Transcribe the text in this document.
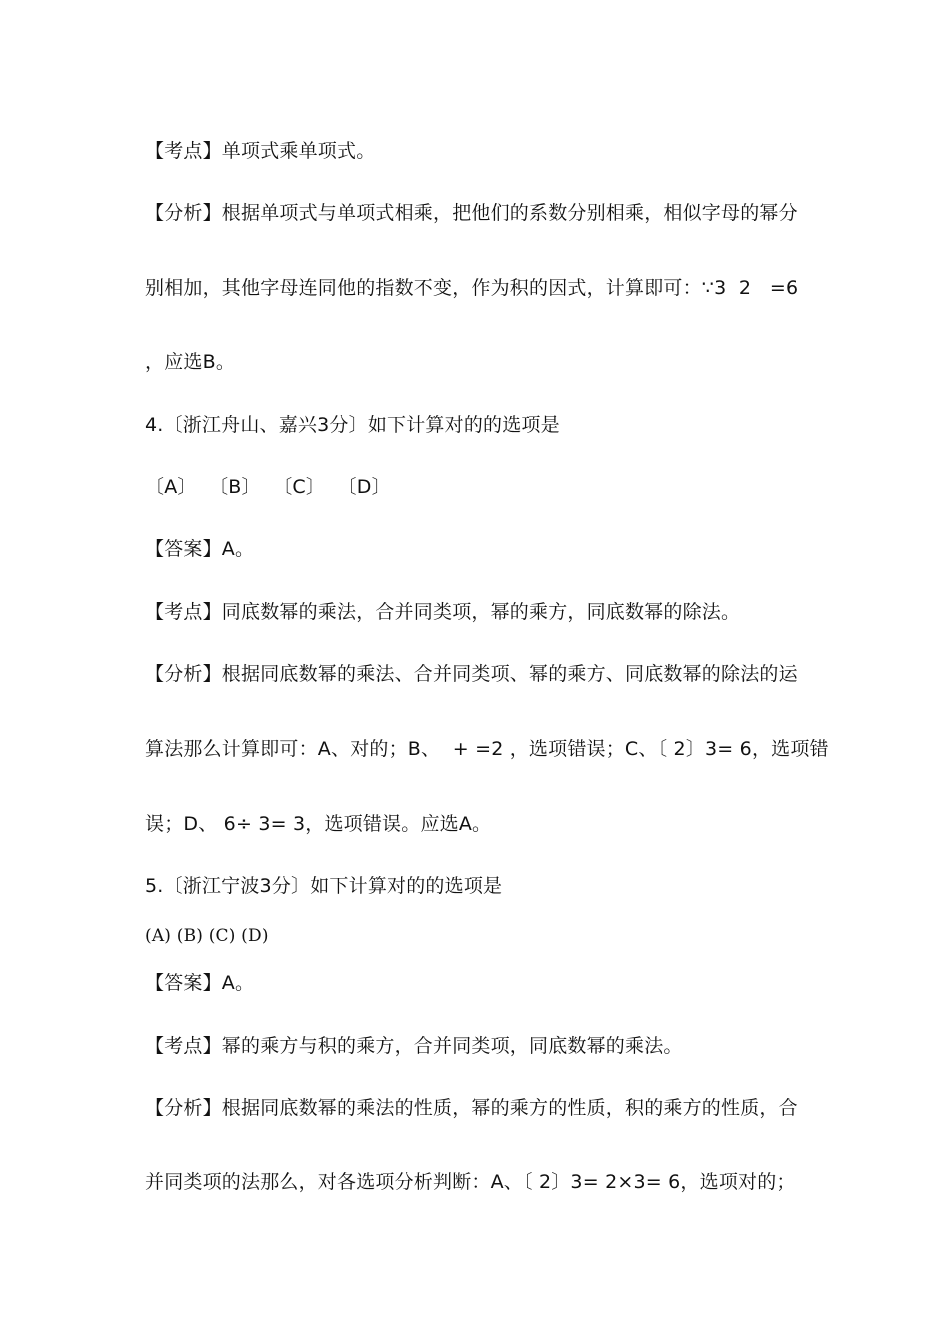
【考点】单项式乘单项式。
【分析】根据单项式与单项式相乘，把他们的系数分别相乘，相似字母的幂分
别相加，其他字母连同他的指数不变，作为积的因式，计算即可：∵3  2   =6
，应选B。
4.〔浙江舟山、嘉兴3分〕如下计算对的的选项是
〔A〕  〔B〕  〔C〕  〔D〕
【答案】A。
【考点】同底数幂的乘法，合并同类项，幂的乘方，同底数幂的除法。
【分析】根据同底数幂的乘法、合并同类项、幂的乘方、同底数幂的除法的运
算法那么计算即可：A、对的；B、  + =2 ，选项错误；C、〔 2〕3= 6，选项错
误；D、 6÷ 3= 3，选项错误。应选A。
5.〔浙江宁波3分〕如下计算对的的选项是
(A) (B) (C) (D)
【答案】A。
【考点】幂的乘方与积的乘方，合并同类项，同底数幂的乘法。
【分析】根据同底数幂的乘法的性质，幂的乘方的性质，积的乘方的性质，合
并同类项的法那么，对各选项分析判断：A、〔 2〕3= 2×3= 6，选项对的；
